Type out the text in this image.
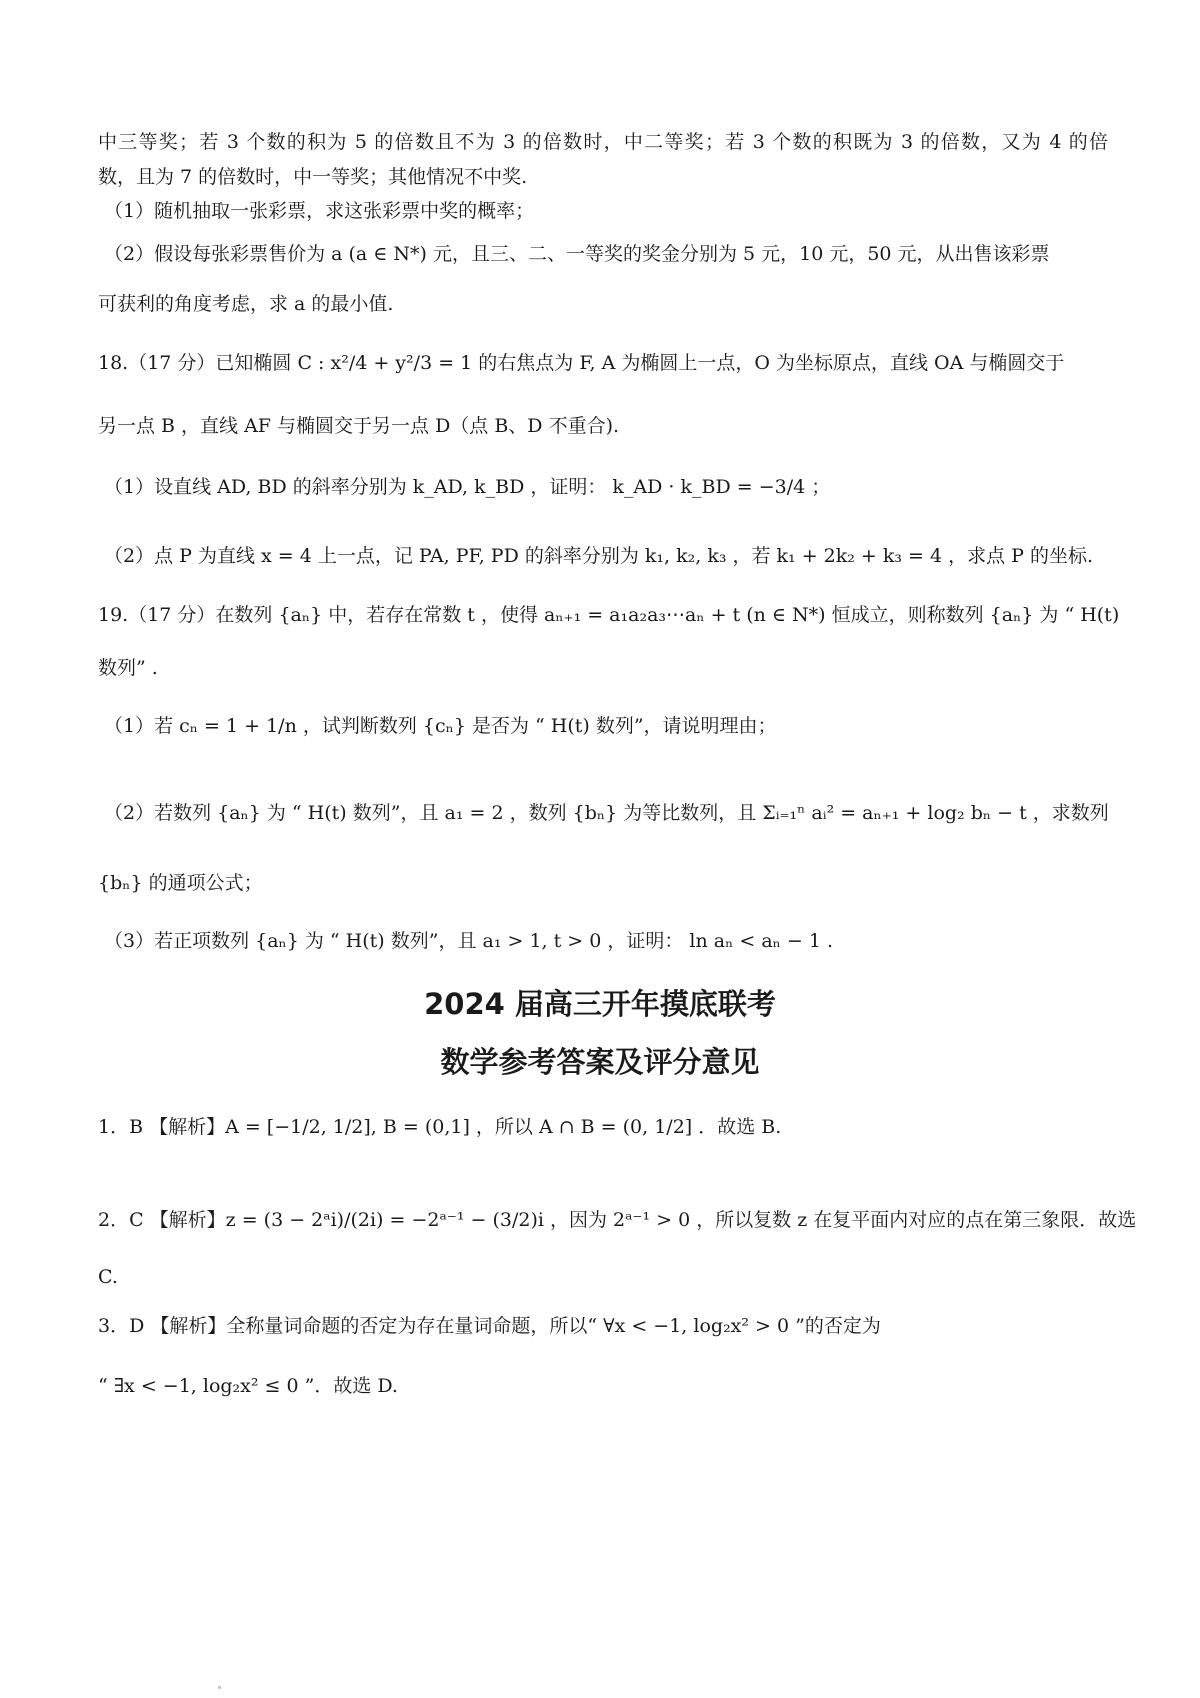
中三等奖；若 3 个数的积为 5 的倍数且不为 3 的倍数时，中二等奖；若 3 个数的积既为 3 的倍数，又为 4 的倍
数，且为 7 的倍数时，中一等奖；其他情况不中奖.
（1）随机抽取一张彩票，求这张彩票中奖的概率；
（2）假设每张彩票售价为 a (a ∈ N*) 元，且三、二、一等奖的奖金分别为 5 元，10 元，50 元，从出售该彩票
可获利的角度考虑，求 a 的最小值.
18.（17 分）已知椭圆 C : x²/4 + y²/3 = 1 的右焦点为 F, A 为椭圆上一点，O 为坐标原点，直线 OA 与椭圆交于
另一点 B ，直线 AF 与椭圆交于另一点 D（点 B、D 不重合).
（1）设直线 AD, BD 的斜率分别为 k_AD, k_BD ，证明： k_AD · k_BD = −3/4 ；
（2）点 P 为直线 x = 4 上一点，记 PA, PF, PD 的斜率分别为 k₁, k₂, k₃ ，若 k₁ + 2k₂ + k₃ = 4 ，求点 P 的坐标.
19.（17 分）在数列 {aₙ} 中，若存在常数 t ，使得 aₙ₊₁ = a₁a₂a₃⋯aₙ + t (n ∈ N*) 恒成立，则称数列 {aₙ} 为 “ H(t)
数列” .
（1）若 cₙ = 1 + 1/n ，试判断数列 {cₙ} 是否为 “ H(t) 数列”，请说明理由；
（2）若数列 {aₙ} 为 “ H(t) 数列”，且 a₁ = 2 ，数列 {bₙ} 为等比数列，且 Σᵢ₌₁ⁿ aᵢ² = aₙ₊₁ + log₂ bₙ − t ，求数列
{bₙ} 的通项公式；
（3）若正项数列 {aₙ} 为 “ H(t) 数列”，且 a₁ > 1, t > 0 ，证明： ln aₙ < aₙ − 1 .
2024 届高三开年摸底联考
数学参考答案及评分意见
1．B 【解析】A = [−1/2, 1/2], B = (0,1] ，所以 A ∩ B = (0, 1/2] ．故选 B.
2．C 【解析】z = (3 − 2ᵃi)/(2i) = −2ᵃ⁻¹ − (3/2)i ，因为 2ᵃ⁻¹ > 0 ，所以复数 z 在复平面内对应的点在第三象限．故选
C.
3．D 【解析】全称量词命题的否定为存在量词命题，所以“ ∀x < −1, log₂x² > 0 ”的否定为
“ ∃x < −1, log₂x² ≤ 0 ”．故选 D.
